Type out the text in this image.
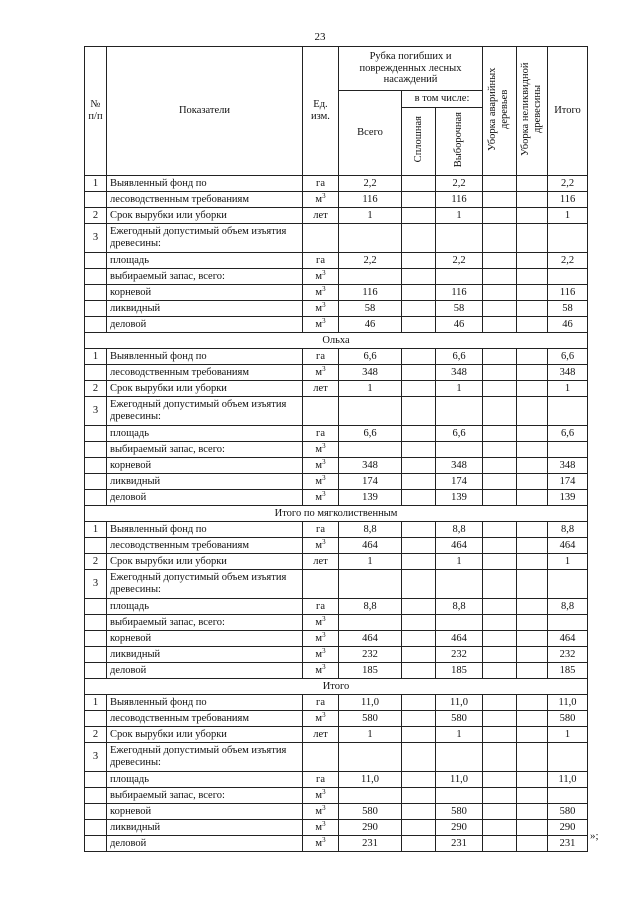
23
№
п/п	Показатели	Ед.
изм.	Рубка погибших и поврежденных лесных насаждений			Уборка аварийных деревьев	Уборка неликвидной древесины	Итого
			Всего	в том числе:				
				Сплошная	Выборочная			
1	Выявленный фонд по	га	2,2		2,2			2,2
	лесоводственным требованиям	$м^3$	116		116			116
2	Срок вырубки или уборки	лет	1		1			1
3	Ежегодный допустимый объем изъятия древесины:							
	площадь	га	2,2		2,2			2,2
	выбираемый запас, всего:	$м^3$						
	корневой	$м^3$	116		116			116
	ликвидный	$м^3$	58		58			58
	деловой	$м^3$	46		46			46
Ольха								
1	Выявленный фонд по	га	6,6		6,6			6,6
	лесоводственным требованиям	$м^3$	348		348			348
2	Срок вырубки или уборки	лет	1		1			1
3	Ежегодный допустимый объем изъятия древесины:							
	площадь	га	6,6		6,6			6,6
	выбираемый запас, всего:	$м^3$						
	корневой	$м^3$	348		348			348
	ликвидный	$м^3$	174		174			174
	деловой	$м^3$	139		139			139
Итого по мягколиственным								
1	Выявленный фонд по	га	8,8		8,8			8,8
	лесоводственным требованиям	$м^3$	464		464			464
2	Срок вырубки или уборки	лет	1		1			1
3	Ежегодный допустимый объем изъятия древесины:							
	площадь	га	8,8		8,8			8,8
	выбираемый запас, всего:	$м^3$						
	корневой	$м^3$	464		464			464
	ликвидный	$м^3$	232		232			232
	деловой	$м^3$	185		185			185
Итого								
1	Выявленный фонд по	га	11,0		11,0			11,0
	лесоводственным требованиям	$м^3$	580		580			580
2	Срок вырубки или уборки	лет	1		1			1
3	Ежегодный допустимый объем изъятия древесины:							
	площадь	га	11,0		11,0			11,0
	выбираемый запас, всего:	$м^3$						
	корневой	$м^3$	580		580			580
	ликвидный	$м^3$	290		290			290
	деловой	$м^3$	231		231			231
»;
